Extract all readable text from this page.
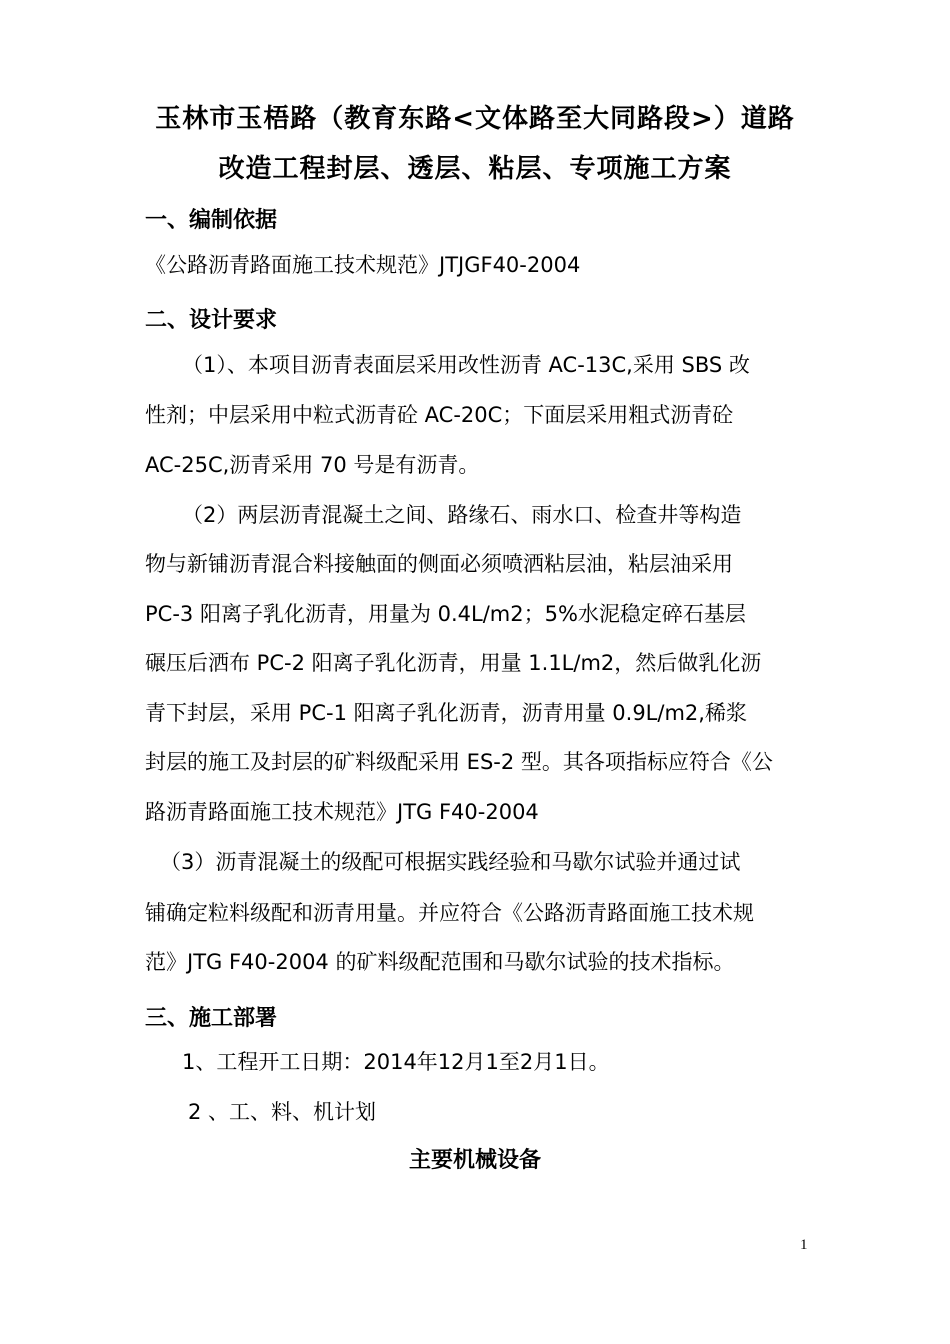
玉林市玉梧路（教育东路<文体路至大同路段>）道路
改造工程封层、透层、粘层、专项施工方案
一、编制依据
《公路沥青路面施工技术规范》JTJGF40-2004
二、设计要求
（1）、本项目沥青表面层采用改性沥青 AC-13C,采用 SBS 改
性剂；中层采用中粒式沥青砼 AC-20C；下面层采用粗式沥青砼
AC-25C,沥青采用 70 号是有沥青。
（2）两层沥青混凝土之间、路缘石、雨水口、检查井等构造
物与新铺沥青混合料接触面的侧面必须喷洒粘层油，粘层油采用
PC-3 阳离子乳化沥青，用量为 0.4L/m2；5%水泥稳定碎石基层
碾压后洒布 PC-2 阳离子乳化沥青，用量 1.1L/m2，然后做乳化沥
青下封层，采用 PC-1 阳离子乳化沥青，沥青用量 0.9L/m2,稀浆
封层的施工及封层的矿料级配采用 ES-2 型。其各项指标应符合《公
路沥青路面施工技术规范》JTG F40-2004
（3）沥青混凝土的级配可根据实践经验和马歇尔试验并通过试
铺确定粒料级配和沥青用量。并应符合《公路沥青路面施工技术规
范》JTG F40-2004 的矿料级配范围和马歇尔试验的技术指标。
三、施工部署
1、工程开工日期：2014年12月1至2月1日。
2 、工、料、机计划
主要机械设备
1
